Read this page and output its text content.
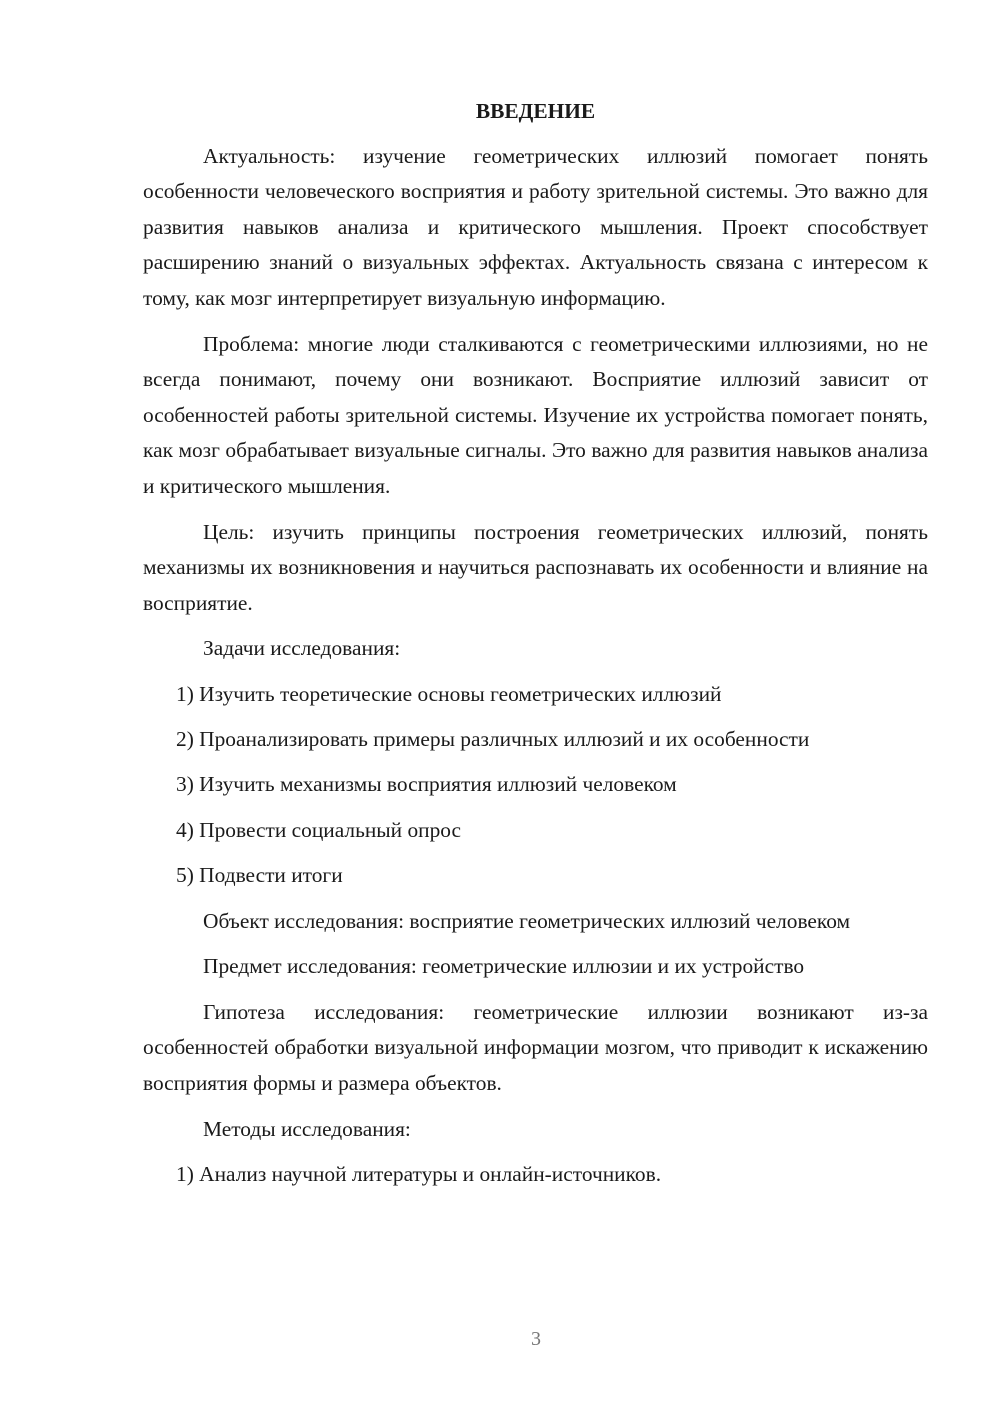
ВВЕДЕНИЕ

Актуальность: изучение геометрических иллюзий помогает понять особенности человеческого восприятия и работу зрительной системы. Это важно для развития навыков анализа и критического мышления. Проект способствует расширению знаний о визуальных эффектах. Актуальность связана с интересом к тому, как мозг интерпретирует визуальную информацию.

Проблема: многие люди сталкиваются с геометрическими иллюзиями, но не всегда понимают, почему они возникают. Восприятие иллюзий зависит от особенностей работы зрительной системы. Изучение их устройства помогает понять, как мозг обрабатывает визуальные сигналы. Это важно для развития навыков анализа и критического мышления.

Цель: изучить принципы построения геометрических иллюзий, понять механизмы их возникновения и научиться распознавать их особенности и влияние на восприятие.

Задачи исследования:

1) Изучить теоретические основы геометрических иллюзий
2) Проанализировать примеры различных иллюзий и их особенности
3) Изучить механизмы восприятия иллюзий человеком
4) Провести социальный опрос
5) Подвести итоги

Объект исследования: восприятие геометрических иллюзий человеком

Предмет исследования: геометрические иллюзии и их устройство

Гипотеза исследования: геометрические иллюзии возникают из-за особенностей обработки визуальной информации мозгом, что приводит к искажению восприятия формы и размера объектов.

Методы исследования:

1) Анализ научной литературы и онлайн-источников.
3
